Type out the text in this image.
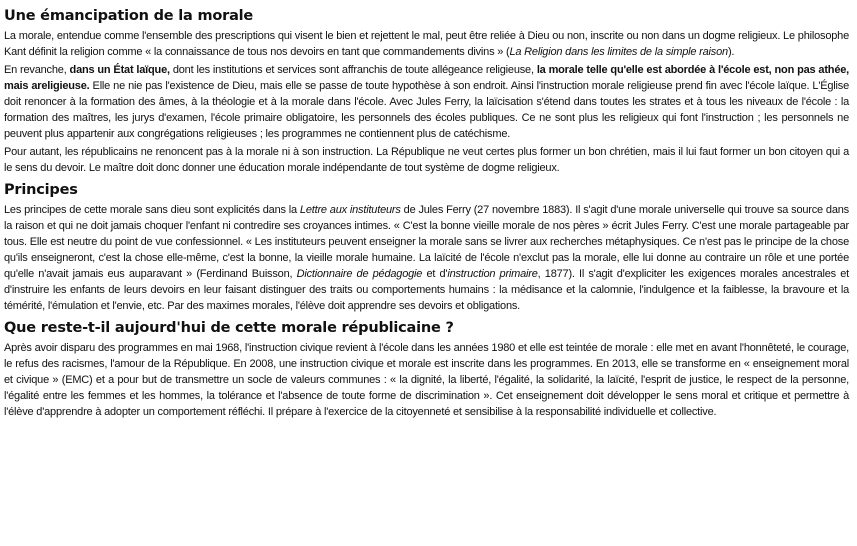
Une émancipation de la morale

La morale, entendue comme l'ensemble des prescriptions qui visent le bien et rejettent le mal, peut être reliée à Dieu ou non, inscrite ou non dans un dogme religieux. Le philosophe Kant définit la religion comme « la connaissance de tous nos devoirs en tant que commandements divins » (La Religion dans les limites de la simple raison).

En revanche, dans un État laïque, dont les institutions et services sont affranchis de toute allégeance religieuse, la morale telle qu'elle est abordée à l'école est, non pas athée, mais areligieuse. Elle ne nie pas l'existence de Dieu, mais elle se passe de toute hypothèse à son endroit. Ainsi l'instruction morale religieuse prend fin avec l'école laïque. L'Église doit renoncer à la formation des âmes, à la théologie et à la morale dans l'école. Avec Jules Ferry, la laïcisation s'étend dans toutes les strates et à tous les niveaux de l'école : la formation des maîtres, les jurys d'examen, l'école primaire obligatoire, les personnels des écoles publiques. Ce ne sont plus les religieux qui font l'instruction ; les personnels ne peuvent plus appartenir aux congrégations religieuses ; les programmes ne contiennent plus de catéchisme.

Pour autant, les républicains ne renoncent pas à la morale ni à son instruction. La République ne veut certes plus former un bon chrétien, mais il lui faut former un bon citoyen qui a le sens du devoir. Le maître doit donc donner une éducation morale indépendante de tout système de dogme religieux.

Principes

Les principes de cette morale sans dieu sont explicités dans la Lettre aux instituteurs de Jules Ferry (27 novembre 1883). Il s'agit d'une morale universelle qui trouve sa source dans la raison et qui ne doit jamais choquer l'enfant ni contredire ses croyances intimes. « C'est la bonne vieille morale de nos pères » écrit Jules Ferry. C'est une morale partageable par tous. Elle est neutre du point de vue confessionnel. « Les instituteurs peuvent enseigner la morale sans se livrer aux recherches métaphysiques. Ce n'est pas le principe de la chose qu'ils enseigneront, c'est la chose elle-même, c'est la bonne, la vieille morale humaine. La laïcité de l'école n'exclut pas la morale, elle lui donne au contraire un rôle et une portée qu'elle n'avait jamais eus auparavant » (Ferdinand Buisson, Dictionnaire de pédagogie et d'instruction primaire, 1877). Il s'agit d'expliciter les exigences morales ancestrales et d'instruire les enfants de leurs devoirs en leur faisant distinguer des traits ou comportements humains : la médisance et la calomnie, l'indulgence et la faiblesse, la bravoure et la témérité, l'émulation et l'envie, etc. Par des maximes morales, l'élève doit apprendre ses devoirs et obligations.

Que reste-t-il aujourd'hui de cette morale républicaine ?

Après avoir disparu des programmes en mai 1968, l'instruction civique revient à l'école dans les années 1980 et elle est teintée de morale : elle met en avant l'honnêteté, le courage, le refus des racismes, l'amour de la République. En 2008, une instruction civique et morale est inscrite dans les programmes. En 2013, elle se transforme en « enseignement moral et civique » (EMC) et a pour but de transmettre un socle de valeurs communes : « la dignité, la liberté, l'égalité, la solidarité, la laïcité, l'esprit de justice, le respect de la personne, l'égalité entre les femmes et les hommes, la tolérance et l'absence de toute forme de discrimination ». Cet enseignement doit développer le sens moral et critique et permettre à l'élève d'apprendre à adopter un comportement réfléchi. Il prépare à l'exercice de la citoyenneté et sensibilise à la responsabilité individuelle et collective.
